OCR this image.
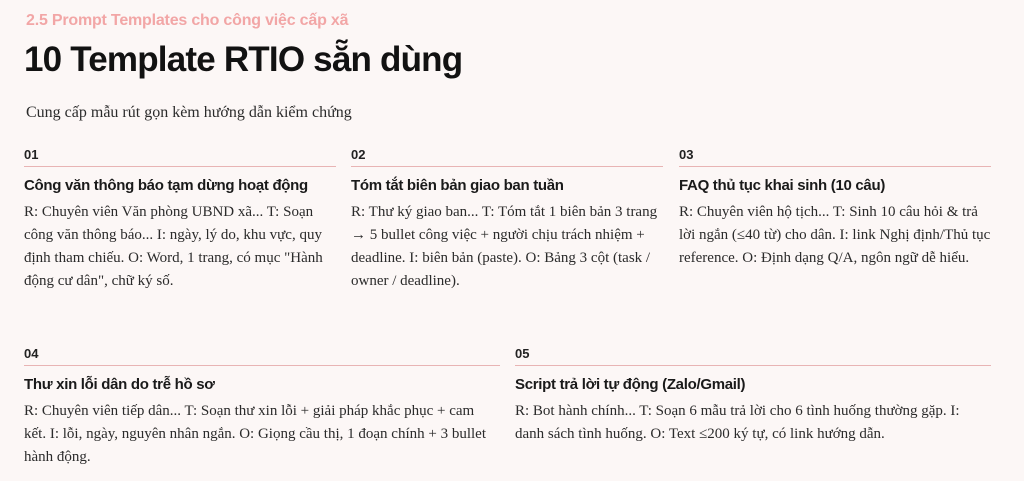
2.5 Prompt Templates cho công việc cấp xã
10 Template RTIO sẵn dùng
Cung cấp mẫu rút gọn kèm hướng dẫn kiểm chứng
01
Công văn thông báo tạm dừng hoạt động
R: Chuyên viên Văn phòng UBND xã... T: Soạn công văn thông báo... I: ngày, lý do, khu vực, quy định tham chiếu. O: Word, 1 trang, có mục "Hành động cư dân", chữ ký số.
02
Tóm tắt biên bản giao ban tuần
R: Thư ký giao ban... T: Tóm tắt 1 biên bản 3 trang → 5 bullet công việc + người chịu trách nhiệm + deadline. I: biên bản (paste). O: Bảng 3 cột (task / owner / deadline).
03
FAQ thủ tục khai sinh (10 câu)
R: Chuyên viên hộ tịch... T: Sinh 10 câu hỏi & trả lời ngắn (≤40 từ) cho dân. I: link Nghị định/Thủ tục reference. O: Định dạng Q/A, ngôn ngữ dễ hiểu.
04
Thư xin lỗi dân do trễ hồ sơ
R: Chuyên viên tiếp dân... T: Soạn thư xin lỗi + giải pháp khắc phục + cam kết. I: lỗi, ngày, nguyên nhân ngắn. O: Giọng cầu thị, 1 đoạn chính + 3 bullet hành động.
05
Script trả lời tự động (Zalo/Gmail)
R: Bot hành chính... T: Soạn 6 mẫu trả lời cho 6 tình huống thường gặp. I: danh sách tình huống. O: Text ≤200 ký tự, có link hướng dẫn.
